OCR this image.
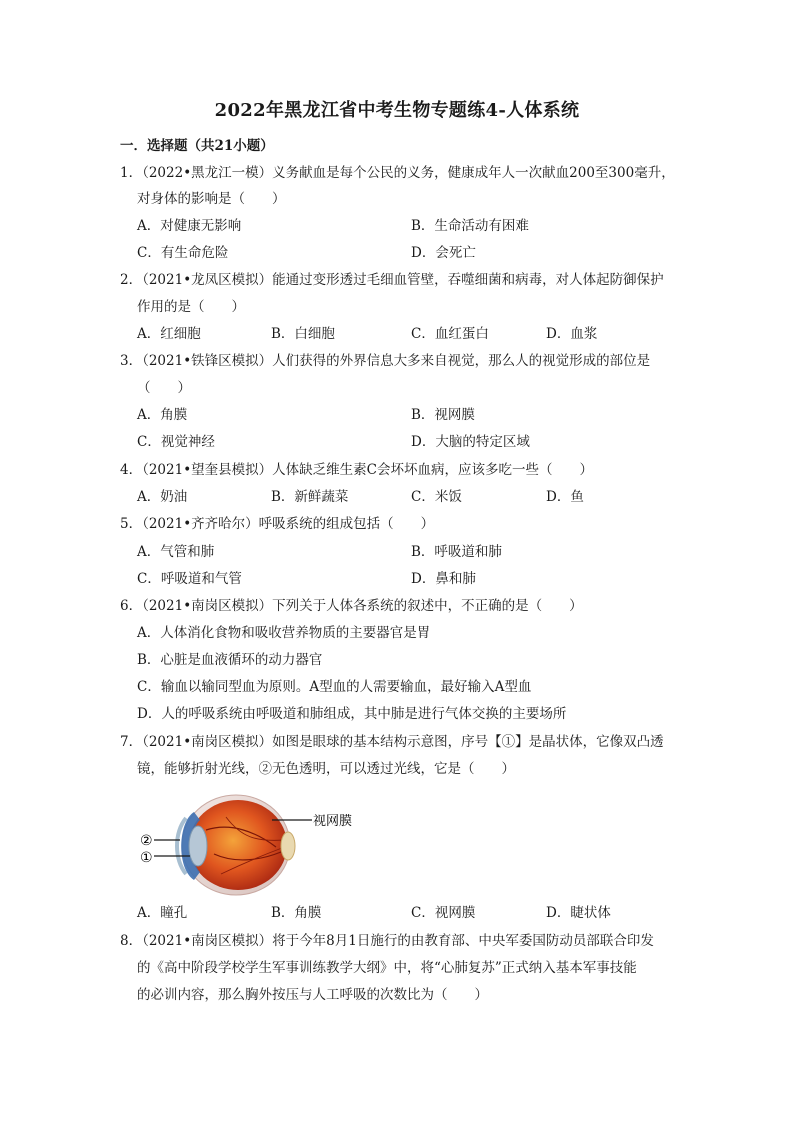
2022年黑龙江省中考生物专题练4-人体系统
一．选择题（共21小题）
1．（2022•黑龙江一模）义务献血是每个公民的义务，健康成年人一次献血200至300毫升，
对身体的影响是（　　）
A．对健康无影响	B．生命活动有困难
C．有生命危险	D．会死亡
2．（2021•龙凤区模拟）能通过变形透过毛细血管壁，吞噬细菌和病毒，对人体起防御保护
作用的是（　　）
A．红细胞	B．白细胞	C．血红蛋白	D．血浆
3．（2021•铁锋区模拟）人们获得的外界信息大多来自视觉，那么人的视觉形成的部位是
（　　）
A．角膜	B．视网膜
C．视觉神经	D．大脑的特定区域
4．（2021•望奎县模拟）人体缺乏维生素C会坏坏血病，应该多吃一些（　　）
A．奶油	B．新鲜蔬菜	C．米饭	D．鱼
5．（2021•齐齐哈尔）呼吸系统的组成包括（　　）
A．气管和肺	B．呼吸道和肺
C．呼吸道和气管	D．鼻和肺
6．（2021•南岗区模拟）下列关于人体各系统的叙述中，不正确的是（　　）
A．人体消化食物和吸收营养物质的主要器官是胃
B．心脏是血液循环的动力器官
C．输血以输同型血为原则。A型血的人需要输血，最好输入A型血
D．人的呼吸系统由呼吸道和肺组成，其中肺是进行气体交换的主要场所
7．（2021•南岗区模拟）如图是眼球的基本结构示意图，序号【①】是晶状体，它像双凸透
镜，能够折射光线，②无色透明，可以透过光线，它是（　　）
②
①
视网膜
A．瞳孔	B．角膜	C．视网膜	D．睫状体
8．（2021•南岗区模拟）将于今年8月1日施行的由教育部、中央军委国防动员部联合印发
的《高中阶段学校学生军事训练教学大纲》中，将“心肺复苏”正式纳入基本军事技能
的必训内容，那么胸外按压与人工呼吸的次数比为（　　）
